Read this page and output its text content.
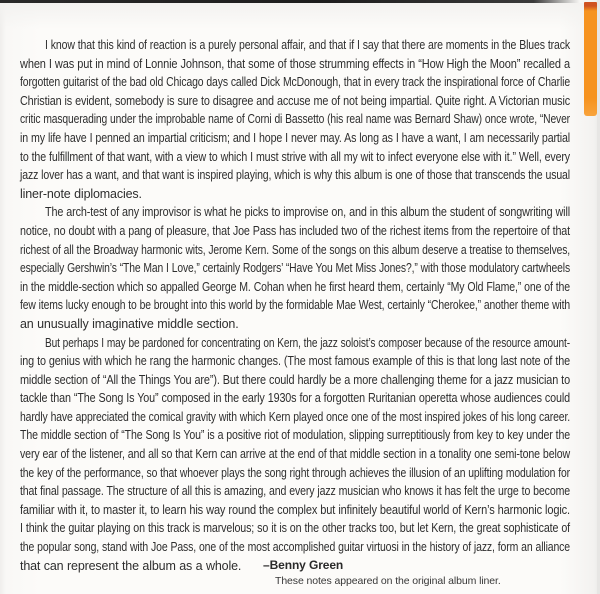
I know that this kind of reaction is a purely personal affair, and that if I say that there are moments in the Blues track
when I was put in mind of Lonnie Johnson, that some of those strumming effects in “How High the Moon” recalled a
forgotten guitarist of the bad old Chicago days called Dick McDonough, that in every track the inspirational force of Charlie
Christian is evident, somebody is sure to disagree and accuse me of not being impartial. Quite right. A Victorian music
critic masquerading under the improbable name of Corni di Bassetto (his real name was Bernard Shaw) once wrote, “Never
in my life have I penned an impartial criticism; and I hope I never may. As long as I have a want, I am necessarily partial
to the fulfillment of that want, with a view to which I must strive with all my wit to infect everyone else with it.” Well, every
jazz lover has a want, and that want is inspired playing, which is why this album is one of those that transcends the usual
liner-note diplomacies.
The arch-test of any improvisor is what he picks to improvise on, and in this album the student of songwriting will
notice, no doubt with a pang of pleasure, that Joe Pass has included two of the richest items from the repertoire of that
richest of all the Broadway harmonic wits, Jerome Kern. Some of the songs on this album deserve a treatise to themselves,
especially Gershwin’s “The Man I Love,” certainly Rodgers’ “Have You Met Miss Jones?,” with those modulatory cartwheels
in the middle-section which so appalled George M. Cohan when he first heard them, certainly “My Old Flame,” one of the
few items lucky enough to be brought into this world by the formidable Mae West, certainly “Cherokee,” another theme with
an unusually imaginative middle section.
But perhaps I may be pardoned for concentrating on Kern, the jazz soloist’s composer because of the resource amount-
ing to genius with which he rang the harmonic changes. (The most famous example of this is that long last note of the
middle section of “All the Things You are”). But there could hardly be a more challenging theme for a jazz musician to
tackle than “The Song Is You” composed in the early 1930s for a forgotten Ruritanian operetta whose audiences could
hardly have appreciated the comical gravity with which Kern played once one of the most inspired jokes of his long career.
The middle section of “The Song Is You” is a positive riot of modulation, slipping surreptitiously from key to key under the
very ear of the listener, and all so that Kern can arrive at the end of that middle section in a tonality one semi-tone below
the key of the performance, so that whoever plays the song right through achieves the illusion of an uplifting modulation for
that final passage. The structure of all this is amazing, and every jazz musician who knows it has felt the urge to become
familiar with it, to master it, to learn his way round the complex but infinitely beautiful world of Kern’s harmonic logic.
I think the guitar playing on this track is marvelous; so it is on the other tracks too, but let Kern, the great sophisticate of
the popular song, stand with Joe Pass, one of the most accomplished guitar virtuosi in the history of jazz, form an alliance
that can represent the album as a whole.	–Benny Green
These notes appeared on the original album liner.
